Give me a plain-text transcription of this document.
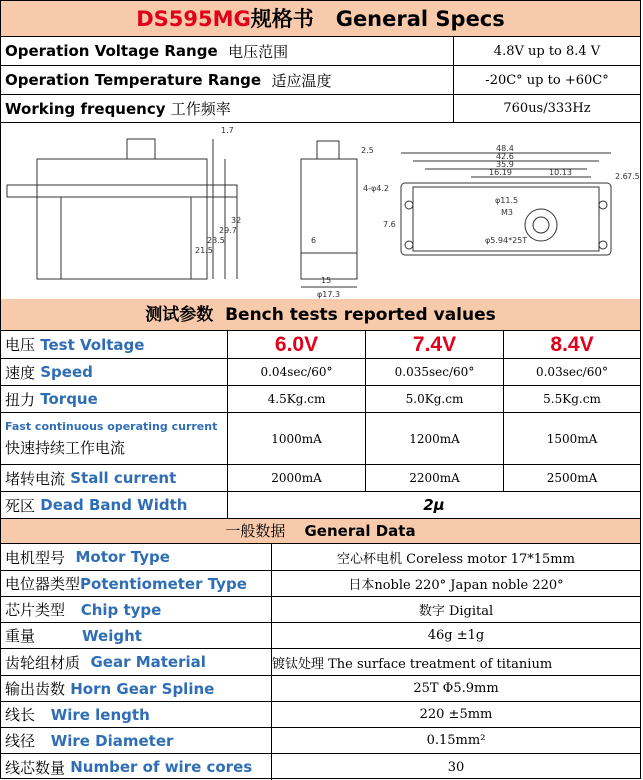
DS595MG规格书 General Specs
Operation Voltage Range
电压范围	4.8V up to 8.4 V
Operation Temperature Range
适应温度	-20C° up to +60C°
Working frequency
工作频率	760us/333Hz
1.7
32
29.7
23.5
21.5
2.5
6
15
φ17.3
48.4
42.6
35.9
16.19	10.13	2.6 7.5
4-φ4.2
φ11.5
M3
7.6
φ5.94*25T
测试参数 Bench tests reported values
电压
Test Voltage	6.0V	7.4V	8.4V
速度
Speed	0.04sec/60°	0.035sec/60°	0.03sec/60°
扭力
Torque	4.5Kg.cm	5.0Kg.cm	5.5Kg.cm
Fast continuous operating current
快速持续工作电流	1000mA	1200mA	1500mA
堵转电流
Stall current	2000mA	2200mA	2500mA
死区
Dead Band Width	2μ
一般数据 General Data
电机型号
Motor Type	空心杯电机 Coreless motor 17*15mm
电位器类型 Potentiometer Type	日本noble 220° Japan noble 220°
芯片类型
Chip type	数字 Digital
重量
	Weight	46g ±1g
齿轮组材质
Gear Material	镀钛处理 The surface treatment of titanium
输出齿数
Horn Gear Spline	25T Φ5.9mm
线长
Wire length	220 ±5mm
线径
Wire Diameter	0.15mm²
线芯数量
Number of wire cores	30
